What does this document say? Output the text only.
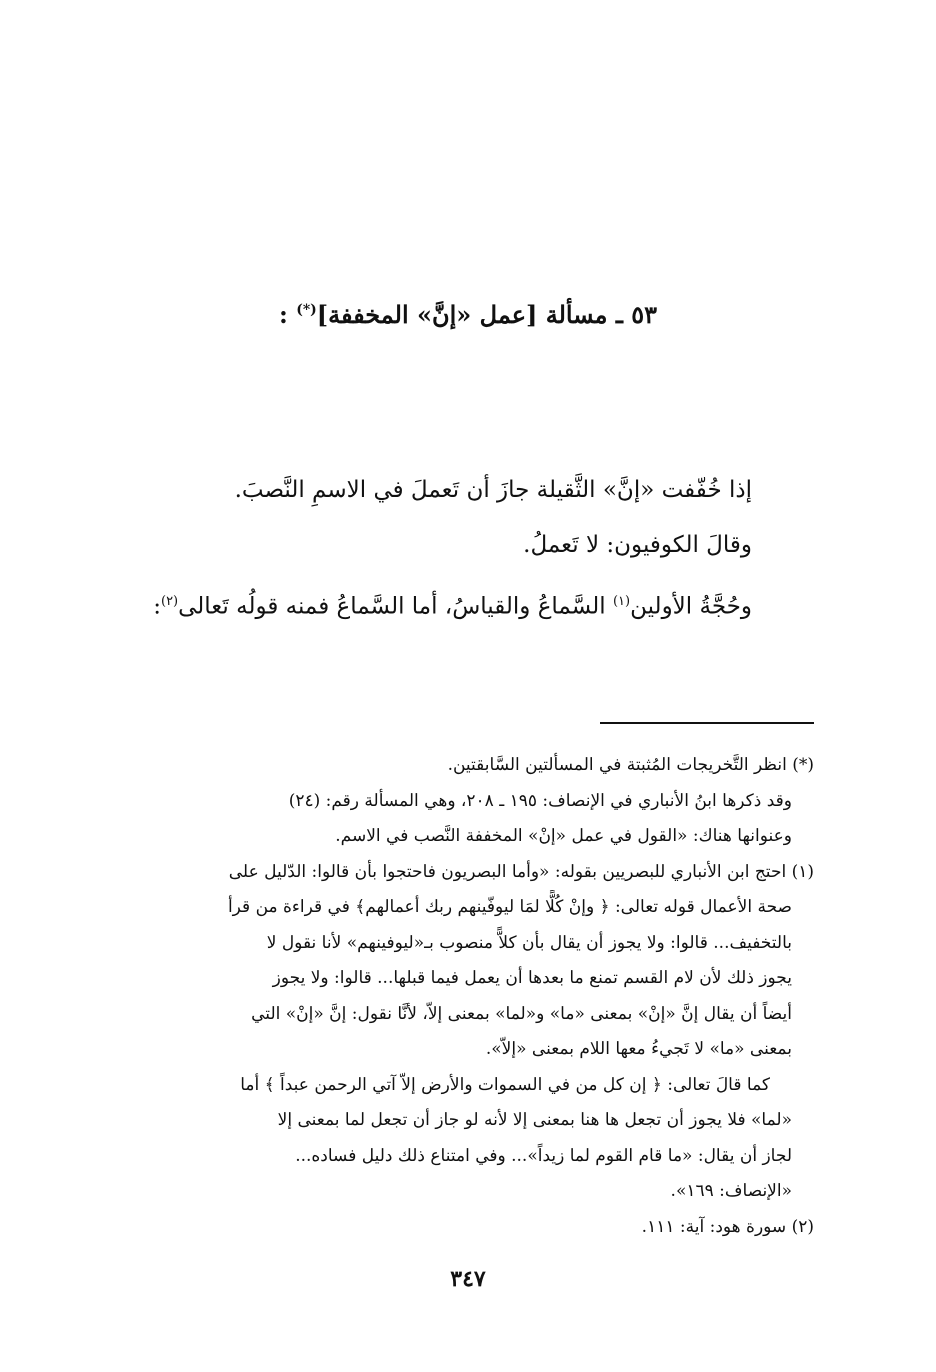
٥٣ ـ مسألة [عمل «إنَّ» المخففة](*) :
إذا خُفّفت «إنَّ» الثَّقيلة جازَ أن تَعملَ في الاسمِ النَّصبَ.
وقالَ الكوفيون: لا تَعملُ.
وحُجَّةُ الأولين$^{(١)}$ السَّماعُ والقياسُ، أما السَّماعُ فمنه قولُه تَعالى$^{(٢)}$:
(*) انظر التَّخريجات المُثبتة في المسألتين السَّابقتين.
وقد ذكرها ابنُ الأنباري في الإنصاف: ١٩٥ ـ ٢٠٨، وهي المسألة رقم: (٢٤)
وعنوانها هناك: «القول في عمل «إنْ» المخففة النَّصب في الاسم.
(١) احتج ابن الأنباري للبصريين بقوله: «وأما البصريون فاحتجوا بأن قالوا: الدّليل على
صحة الأعمال قوله تعالى: ﴿ وإنْ كُلًّا لمَا ليوفّينهم ربك أعمالهم﴾ في قراءة من قرأ
بالتخفيف... قالوا: ولا يجوز أن يقال بأن كلاًّ منصوب بـ«ليوفينهم» لأنا نقول لا
يجوز ذلك لأن لام القسم تمنع ما بعدها أن يعمل فيما قبلها... قالوا: ولا يجوز
أيضاً أن يقال إنَّ «إنْ» بمعنى «ما» و«لما» بمعنى إلاّ، لأنَّا نقول: إنَّ «إنْ» التي
بمعنى «ما» لا تَجيءُ معها اللام بمعنى «إلاّ».
كما قالَ تعالى: ﴿ إن كل من في السموات والأرض إلاّ آتي الرحمن عبداً ﴾ أما
«لما» فلا يجوز أن تجعل ها هنا بمعنى إلا لأنه لو جاز أن تجعل لما بمعنى إلا
لجاز أن يقال: «ما قام القوم لما زيداً»... وفي امتناع ذلك دليل فساده...
«الإنصاف: ١٦٩».
(٢) سورة هود: آية: ١١١.
٣٤٧
